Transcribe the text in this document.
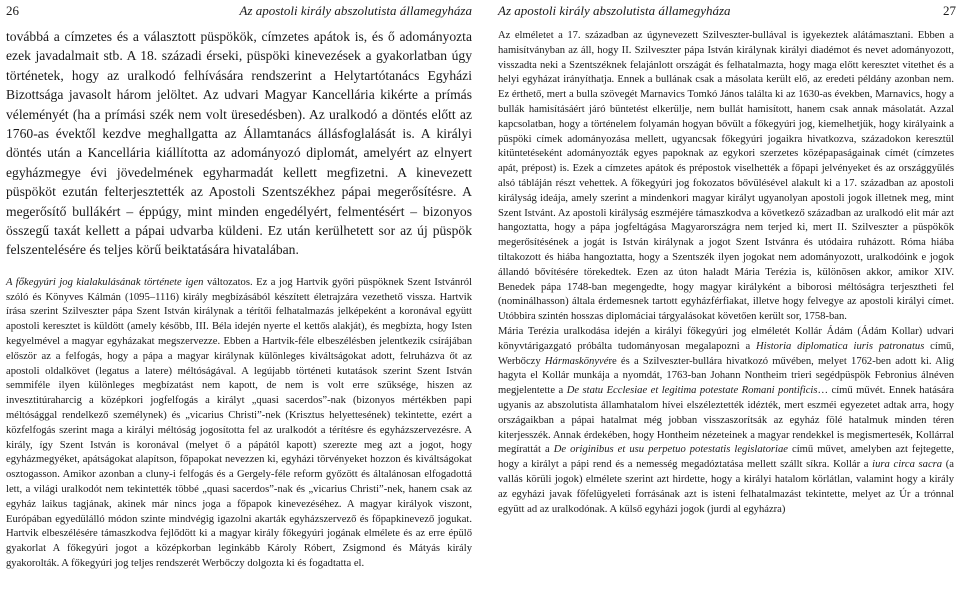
26	Az apostoli király abszolutista államegyháza

továbbá a címzetes és a választott püspökök, címzetes apátok is, és ő adományozta ezek javadalmait stb. A 18. századi érseki, püspöki kinevezések a gyakorlatban úgy történetek, hogy az uralkodó felhívására rendszerint a Helytartótanács Egyházi Bizottsága javasolt három jelöltet. Az udvari Magyar Kancellária kikérte a prímás véleményét (ha a prímási szék nem volt üresedésben). Az uralkodó a döntés előtt az 1760-as évektől kezdve meghallgatta az Államtanács állásfoglalását is. A királyi döntés után a Kancellária kiállította az adományozó diplomát, amelyért az elnyert egyházmegye évi jövedelmének egyharmadát kellett megfizetni. A kinevezett püspököt ezután felterjesztették az Apostoli Szentszékhez pápai megerősítésre. A megerősítő bullákért – éppúgy, mint minden engedélyért, felmentésért – bizonyos összegű taxát kellett a pápai udvarba küldeni. Ez után kerülhetett sor az új püspök felszentelésére és teljes körű beiktatására hivatalában.

A főkegyúri jog kialakulásának története igen változatos. Ez a jog Hartvik győri püspöknek Szent Istvánról szóló és Könyves Kálmán (1095–1116) király megbízásából készített életrajzára vezethető vissza. Hartvik írása szerint Szilveszter pápa Szent István királynak a térítői felhatalmazás jelképeként a koronával együtt apostoli keresztet is küldött (amely később, III. Béla idején nyerte el kettős alakját), és megbízta, hogy Isten kegyelmével a magyar egyházakat megszervezze. Ebben a Hartvik-féle elbeszélésben jelentkezik csírájában először az a felfogás, hogy a pápa a magyar királynak különleges kiváltságokat adott, felruházva őt az apostoli oldalkövet (legatus a latere) méltóságával. A legújabb történeti kutatások szerint Szent István semmiféle ilyen különleges megbízatást nem kapott, de nem is volt erre szüksége, hiszen az invesztitúraharcig a középkori jogfelfogás a királyt „quasi sacerdos”-nak (bizonyos mértékben papi méltósággal rendelkező személynek) és „vicarius Christi”-nek (Krisztus helyettesének) tekintette, ezért a közfelfogás szerint maga a királyi méltóság jogosította fel az uralkodót a térítésre és egyházszervezésre. A király, így Szent István is koronával (melyet ő a pápától kapott) szerezte meg azt a jogot, hogy egyházmegyéket, apátságokat alapítson, főpapokat nevezzen ki, egyházi törvényeket hozzon és kiváltságokat osztogasson. Amikor azonban a cluny-i felfogás és a Gergely-féle reform győzött és általánosan elfogadottá lett, a világi uralkodót nem tekintették többé „quasi sacerdos”-nak és „vicarius Christi”-nek, hanem csak az egyház laikus tagjának, akinek már nincs joga a főpapok kinevezéséhez. A magyar királyok viszont, Európában egyedülálló módon szinte mindvégig igazolni akarták egyházszervező és főpapkinevező jogukat. Hartvik elbeszélésére támaszkodva fejlődött ki a magyar király főkegyúri jogának elmélete és az erre épülő gyakorlat A főkegyúri jogot a középkorban leginkább Károly Róbert, Zsigmond és Mátyás király gyakorolták. A főkegyúri jog teljes rendszerét Werbőczy dolgozta ki és fogadtatta el.

Az apostoli király abszolutista államegyháza	27

Az elméletet a 17. században az úgynevezett Szilveszter-bullával is igyekeztek alátámasztani. Ebben a hamisítványban az áll, hogy II. Szilveszter pápa István királynak királyi diadémot és nevet adományozott, visszadta neki a Szentszéknek felajánlott országát és felhatalmazta, hogy maga előtt keresztet vitethet és a helyi egyházat irányíthatja. Ennek a bullának csak a másolata került elő, az eredeti példány azonban nem. Ez érthető, mert a bulla szövegét Marnavics Tomkó János találta ki az 1630-as években, Marnavics, hogy a bullák hamisításáért járó büntetést elkerülje, nem bullát hamisított, hanem csak annak másolatát. Azzal kapcsolatban, hogy a történelem folyamán hogyan bővült a főkegyúri jog, kiemelhetjük, hogy királyaink a püspöki címek adományozása mellett, ugyancsak főkegyúri jogaikra hivatkozva, századokon keresztül kitüntetéseként adományozták egyes papoknak az egykori szerzetes középapaságainak címét (címzetes apát, prépost) is. Ezek a címzetes apátok és prépostok viselhették a főpapi jelvényeket és az országgyűlés alsó tábláján részt vehettek. A főkegyúri jog fokozatos bővülésével alakult ki a 17. században az apostoli királyság ideája, amely szerint a mindenkori magyar királyt ugyanolyan apostoli jogok illetnek meg, mint Szent Istvánt. Az apostoli királyság eszméjére támaszkodva a következő században az uralkodó elit már azt hangoztatta, hogy a pápa jogfeltágása Magyarországra nem terjed ki, mert II. Szilveszter a püspökök megerősítésének a jogát is István királynak a jogot Szent Istvánra és utódaira ruházott. Róma hiába tiltakozott és hiába hangoztatta, hogy a Szentszék ilyen jogokat nem adományozott, uralkodóink e jogok állandó bővítésére törekedtek. Ezen az úton haladt Mária Terézia is, különösen akkor, amikor XIV. Benedek pápa 1748-ban megengedte, hogy magyar királyként a biborosi méltóságra terjesztheti fel (nominálhasson) általa érdemesnek tartott egyházférfiakat, illetve hogy felvegye az apostoli királyi címet. Utóbbira szintén hosszas diplomáciai tárgyalásokat követően került sor, 1758-ban.

Mária Terézia uralkodása idején a királyi főkegyúri jog elméletét Kollár Ádám (Ádám Kollar) udvari könyvtárigazgató próbálta tudományosan megalapozni a Historia diplomatica iuris patronatus című, Werbőczy Hármaskönyvére és a Szilveszter-bullára hivatkozó művében, melyet 1762-ben adott ki. Alig hagyta el Kollár munkája a nyomdát, 1763-ban Johann Nontheim trieri segédpüspök Febronius álnéven megjelentette a De statu Ecclesiae et legitima potestate Romani pontificis… című művét. Ennek hatására ugyanis az abszolutista államhatalom hívei elszéleztették idézték, mert eszméi egyezetet adtak arra, hogy országaikban a pápai hatalmat még jobban visszaszorítsák az egyház fölé hatalmuk minden téren kiterjesszék. Annak érdekében, hogy Hontheim nézeteinek a magyar rendekkel is megismertesék, Kollárral megírattát a De originibus et usu perpetuo potestatis legislatoriae című művet, amelyben azt fejtegette, hogy a királyt a pápi rend és a nemesség megadóztatása mellett szállt síkra. Kollár a iura circa sacra (a vallás körüli jogok) elmélete szerint azt hirdette, hogy a királyi hatalom körlátlan, valamint hogy a király az egyházi javak főfelügyeleti forrásának azt is isteni felhatalmazást tekintette, melyet az Úr a trónnal együtt ad az uralkodónak. A külső egyházi jogok (jurdi al egyházra)
